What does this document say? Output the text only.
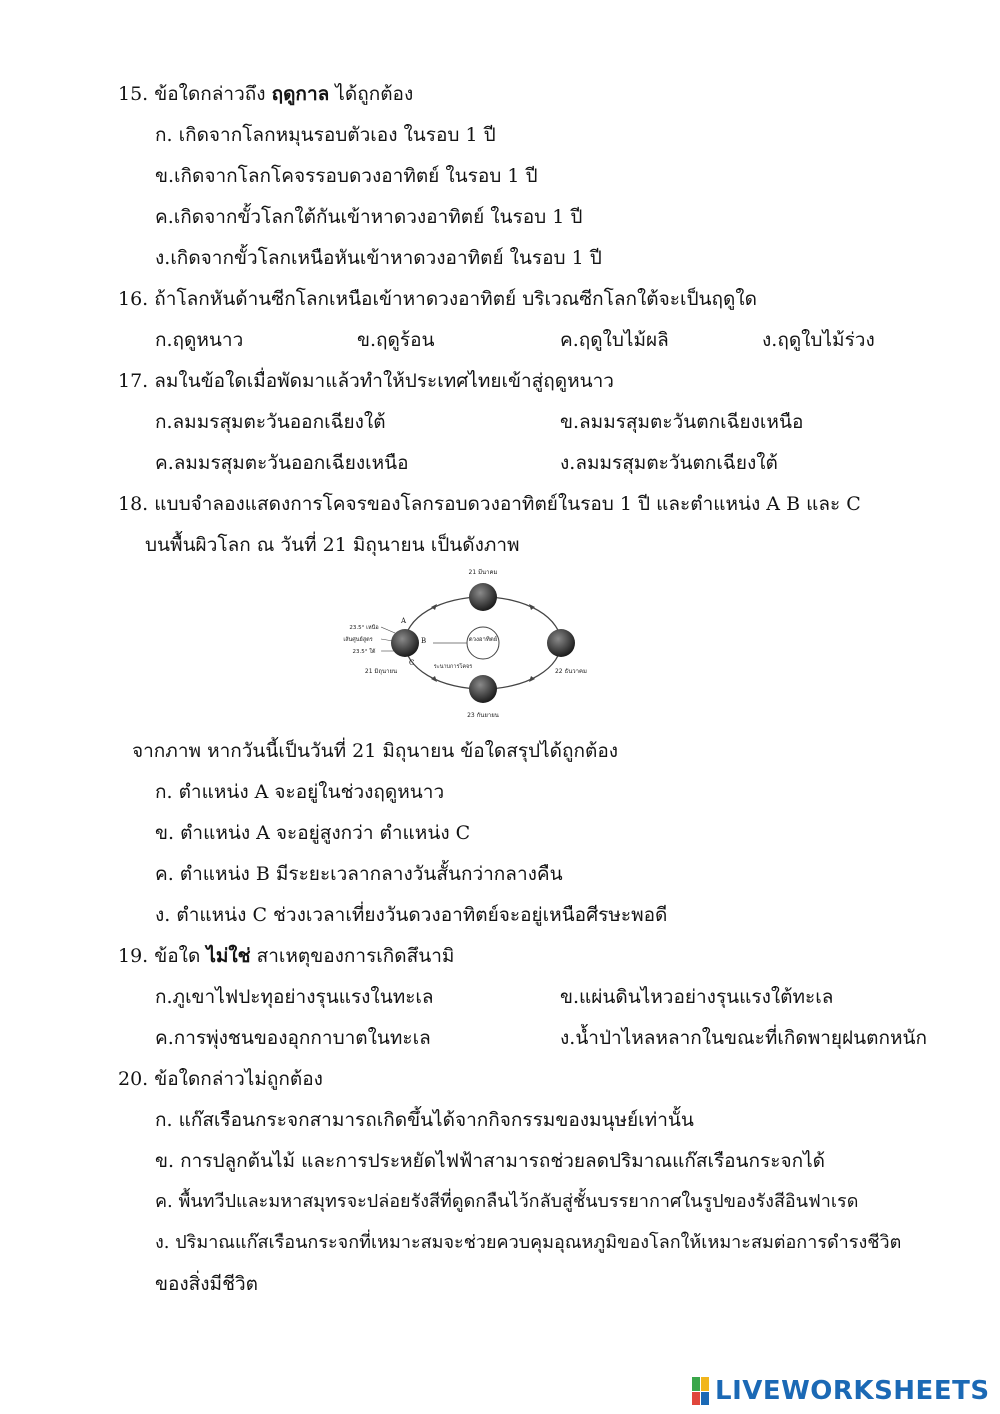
15. ข้อใดกล่าวถึง ฤดูกาล ได้ถูกต้อง
ก. เกิดจากโลกหมุนรอบตัวเอง ในรอบ 1 ปี
ข.เกิดจากโลกโคจรรอบดวงอาทิตย์ ในรอบ 1 ปี
ค.เกิดจากขั้วโลกใต้กันเข้าหาดวงอาทิตย์ ในรอบ 1 ปี
ง.เกิดจากขั้วโลกเหนือหันเข้าหาดวงอาทิตย์ ในรอบ 1 ปี
16. ถ้าโลกหันด้านซีกโลกเหนือเข้าหาดวงอาทิตย์ บริเวณซีกโลกใต้จะเป็นฤดูใด
ก.ฤดูหนาว	ข.ฤดูร้อน	ค.ฤดูใบไม้ผลิ	ง.ฤดูใบไม้ร่วง
17. ลมในข้อใดเมื่อพัดมาแล้วทำให้ประเทศไทยเข้าสู่ฤดูหนาว
ก.ลมมรสุมตะวันออกเฉียงใต้	ข.ลมมรสุมตะวันตกเฉียงเหนือ
ค.ลมมรสุมตะวันออกเฉียงเหนือ	ง.ลมมรสุมตะวันตกเฉียงใต้
18. แบบจำลองแสดงการโคจรของโลกรอบดวงอาทิตย์ในรอบ 1 ปี และตำแหน่ง A B และ C
บนพื้นผิวโลก ณ วันที่ 21 มิถุนายน เป็นดังภาพ
ดวงอาทิตย์
21 มีนาคม
23 กันยายน
22 ธันวาคม
21 มิถุนายน
23.5° เหนือ
เส้นศูนย์สูตร
23.5° ใต้
A
B
C	ระนาบการโคจร
จากภาพ หากวันนี้เป็นวันที่ 21 มิถุนายน ข้อใดสรุปได้ถูกต้อง
ก. ตำแหน่ง A จะอยู่ในช่วงฤดูหนาว
ข. ตำแหน่ง A จะอยู่สูงกว่า ตำแหน่ง C
ค. ตำแหน่ง B มีระยะเวลากลางวันสั้นกว่ากลางคืน
ง. ตำแหน่ง C ช่วงเวลาเที่ยงวันดวงอาทิตย์จะอยู่เหนือศีรษะพอดี
19. ข้อใด ไม่ใช่ สาเหตุของการเกิดสึนามิ
ก.ภูเขาไฟปะทุอย่างรุนแรงในทะเล	ข.แผ่นดินไหวอย่างรุนแรงใต้ทะเล
ค.การพุ่งชนของอุกกาบาตในทะเล	ง.น้ำป่าไหลหลากในขณะที่เกิดพายุฝนตกหนัก
20. ข้อใดกล่าวไม่ถูกต้อง
ก. แก๊สเรือนกระจกสามารถเกิดขึ้นได้จากกิจกรรมของมนุษย์เท่านั้น
ข. การปลูกต้นไม้ และการประหยัดไฟฟ้าสามารถช่วยลดปริมาณแก๊สเรือนกระจกได้
ค. พื้นทวีปและมหาสมุทรจะปล่อยรังสีที่ดูดกลืนไว้กลับสู่ชั้นบรรยากาศในรูปของรังสีอินฟาเรด
ง. ปริมาณแก๊สเรือนกระจกที่เหมาะสมจะช่วยควบคุมอุณหภูมิของโลกให้เหมาะสมต่อการดำรงชีวิต
ของสิ่งมีชีวิต
LIVEWORKSHEETS
